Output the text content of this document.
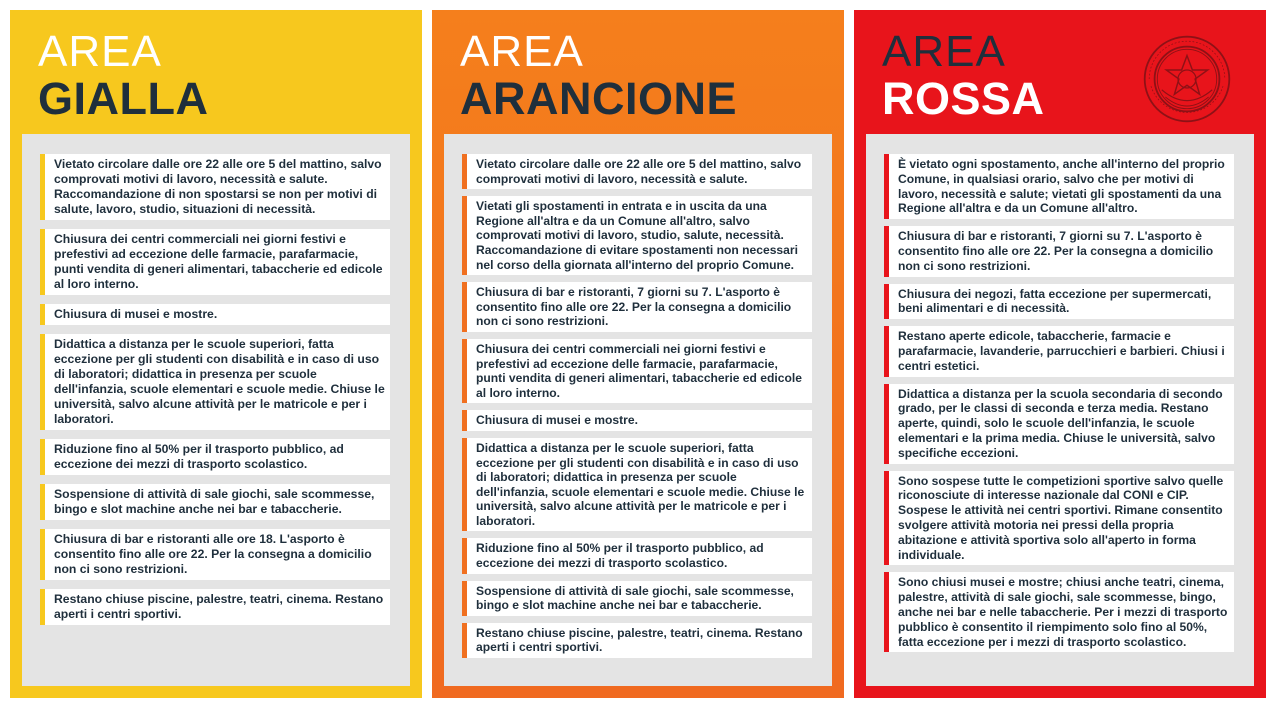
AREA
GIALLA
Vietato circolare dalle ore 22 alle ore 5 del mattino, salvo comprovati motivi di lavoro, necessità e salute. Raccomandazione di non spostarsi se non per motivi di salute, lavoro, studio, situazioni di necessità.
Chiusura dei centri commerciali nei giorni festivi e prefestivi ad eccezione delle farmacie, parafarmacie, punti vendita di generi alimentari, tabaccherie ed edicole al loro interno.
Chiusura di musei e mostre.
Didattica a distanza per le scuole superiori, fatta eccezione per gli studenti con disabilità e in caso di uso di laboratori; didattica in presenza per scuole dell'infanzia, scuole elementari e scuole medie. Chiuse le università, salvo alcune attività per le matricole e per i laboratori.
Riduzione fino al 50% per il trasporto pubblico, ad eccezione dei mezzi di trasporto scolastico.
Sospensione di attività di sale giochi, sale scommesse, bingo e slot machine anche nei bar e tabaccherie.
Chiusura di bar e ristoranti alle ore 18. L'asporto è consentito fino alle ore 22. Per la consegna a domicilio non ci sono restrizioni.
Restano chiuse piscine, palestre, teatri, cinema. Restano aperti i centri sportivi.
AREA
ARANCIONE
Vietato circolare dalle ore 22 alle ore 5 del mattino, salvo comprovati motivi di lavoro, necessità e salute.
Vietati gli spostamenti in entrata e in uscita da una Regione all'altra e da un Comune all'altro, salvo comprovati motivi di lavoro, studio, salute, necessità. Raccomandazione di evitare spostamenti non necessari nel corso della giornata all'interno del proprio Comune.
Chiusura di bar e ristoranti, 7 giorni su 7. L'asporto è consentito fino alle ore 22. Per la consegna a domicilio non ci sono restrizioni.
Chiusura dei centri commerciali nei giorni festivi e prefestivi ad eccezione delle farmacie, parafarmacie, punti vendita di generi alimentari, tabaccherie ed edicole al loro interno.
Chiusura di musei e mostre.
Didattica a distanza per le scuole superiori, fatta eccezione per gli studenti con disabilità e in caso di uso di laboratori; didattica in presenza per scuole dell'infanzia, scuole elementari e scuole medie. Chiuse le università, salvo alcune attività per le matricole e per i laboratori.
Riduzione fino al 50% per il trasporto pubblico, ad eccezione dei mezzi di trasporto scolastico.
Sospensione di attività di sale giochi, sale scommesse, bingo e slot machine anche nei bar e tabaccherie.
Restano chiuse piscine, palestre, teatri, cinema. Restano aperti i centri sportivi.
AREA
ROSSA
È vietato ogni spostamento, anche all'interno del proprio Comune, in qualsiasi orario, salvo che per motivi di lavoro, necessità e salute; vietati gli spostamenti da una Regione all'altra e da un Comune all'altro.
Chiusura di bar e ristoranti, 7 giorni su 7. L'asporto è consentito fino alle ore 22. Per la consegna a domicilio non ci sono restrizioni.
Chiusura dei negozi, fatta eccezione per supermercati, beni alimentari e di necessità.
Restano aperte edicole, tabaccherie, farmacie e parafarmacie, lavanderie, parrucchieri e barbieri. Chiusi i centri estetici.
Didattica a distanza per la scuola secondaria di secondo grado, per le classi di seconda e terza media. Restano aperte, quindi, solo le scuole dell'infanzia, le scuole elementari e la prima media. Chiuse le università, salvo specifiche eccezioni.
Sono sospese tutte le competizioni sportive salvo quelle riconosciute di interesse nazionale dal CONI e CIP. Sospese le attività nei centri sportivi. Rimane consentito svolgere attività motoria nei pressi della propria abitazione e attività sportiva solo all'aperto in forma individuale.
Sono chiusi musei e mostre; chiusi anche teatri, cinema, palestre, attività di sale giochi, sale scommesse, bingo, anche nei bar e nelle tabaccherie. Per i mezzi di trasporto pubblico è consentito il riempimento solo fino al 50%, fatta eccezione per i mezzi di trasporto scolastico.
